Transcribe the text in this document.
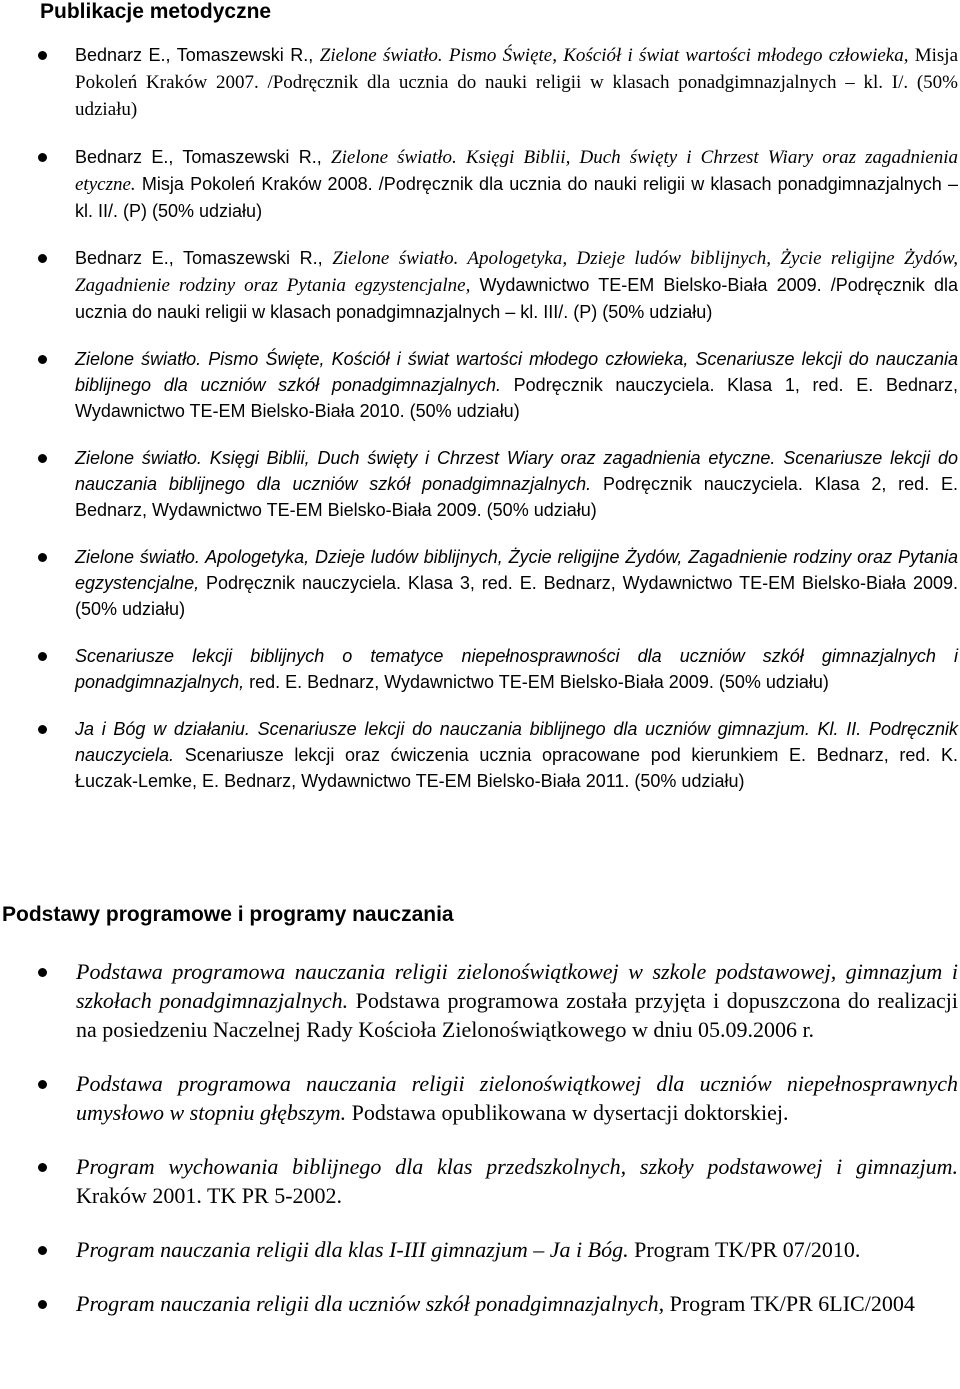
Publikacje metodyczne
Bednarz E., Tomaszewski R., Zielone światło. Pismo Święte, Kościół i świat wartości młodego człowieka, Misja Pokoleń Kraków 2007. /Podręcznik dla ucznia do nauki religii w klasach ponadgimnazjalnych – kl. I/. (50% udziału)
Bednarz E., Tomaszewski R., Zielone światło. Księgi Biblii, Duch święty i Chrzest Wiary oraz zagadnienia etyczne. Misja Pokoleń Kraków 2008. /Podręcznik dla ucznia do nauki religii w klasach ponadgimnazjalnych – kl. II/. (P) (50% udziału)
Bednarz E., Tomaszewski R., Zielone światło. Apologetyka, Dzieje ludów biblijnych, Życie religijne Żydów, Zagadnienie rodziny oraz Pytania egzystencjalne, Wydawnictwo TE-EM Bielsko-Biała 2009. /Podręcznik dla ucznia do nauki religii w klasach ponadgimnazjalnych – kl. III/. (P) (50% udziału)
Zielone światło. Pismo Święte, Kościół i świat wartości młodego człowieka, Scenariusze lekcji do nauczania biblijnego dla uczniów szkół ponadgimnazjalnych. Podręcznik nauczyciela. Klasa 1, red. E. Bednarz, Wydawnictwo TE-EM Bielsko-Biała 2010. (50% udziału)
Zielone światło. Księgi Biblii, Duch święty i Chrzest Wiary oraz zagadnienia etyczne. Scenariusze lekcji do nauczania biblijnego dla uczniów szkół ponadgimnazjalnych. Podręcznik nauczyciela. Klasa 2, red. E. Bednarz, Wydawnictwo TE-EM Bielsko-Biała 2009. (50% udziału)
Zielone światło. Apologetyka, Dzieje ludów biblijnych, Życie religijne Żydów, Zagadnienie rodziny oraz Pytania egzystencjalne, Podręcznik nauczyciela. Klasa 3, red. E. Bednarz, Wydawnictwo TE-EM Bielsko-Biała 2009. (50% udziału)
Scenariusze lekcji biblijnych o tematyce niepełnosprawności dla uczniów szkół gimnazjalnych i ponadgimnazjalnych, red. E. Bednarz, Wydawnictwo TE-EM Bielsko-Biała 2009. (50% udziału)
Ja i Bóg w działaniu. Scenariusze lekcji do nauczania biblijnego dla uczniów gimnazjum. Kl. II. Podręcznik nauczyciela. Scenariusze lekcji oraz ćwiczenia ucznia opracowane pod kierunkiem E. Bednarz, red. K. Łuczak-Lemke, E. Bednarz, Wydawnictwo TE-EM Bielsko-Biała 2011. (50% udziału)
Podstawy programowe i programy nauczania
Podstawa programowa nauczania religii zielonoświątkowej w szkole podstawowej, gimnazjum i szkołach ponadgimnazjalnych. Podstawa programowa została przyjęta i dopuszczona do realizacji na posiedzeniu Naczelnej Rady Kościoła Zielonoświątkowego w dniu 05.09.2006 r.
Podstawa programowa nauczania religii zielonoświątkowej dla uczniów niepełnosprawnych umysłowo w stopniu głębszym. Podstawa opublikowana w dysertacji doktorskiej.
Program wychowania biblijnego dla klas przedszkolnych, szkoły podstawowej i gimnazjum. Kraków 2001. TK PR 5-2002.
Program nauczania religii dla klas I-III gimnazjum – Ja i Bóg. Program TK/PR 07/2010.
Program nauczania religii dla uczniów szkół ponadgimnazjalnych, Program TK/PR 6LIC/2004
